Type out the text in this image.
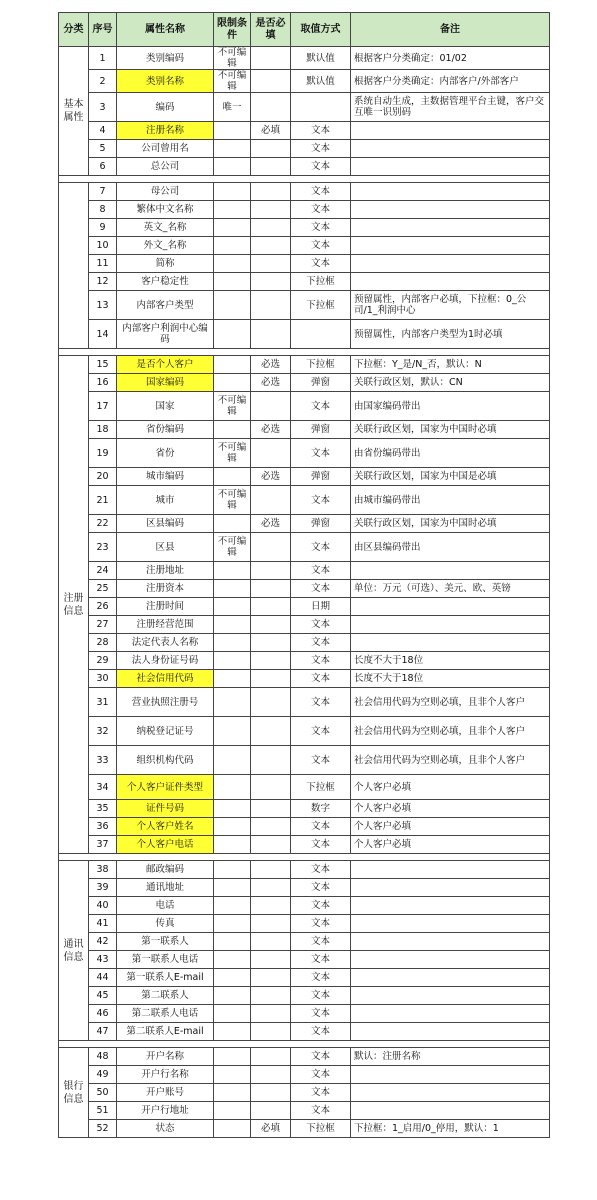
分类	序号	属性名称	限制条件	是否必填	取值方式	备注
基本属性	1	类别编码	不可编辑		默认值	根据客户分类确定：01/02
	2	类别名称	不可编辑		默认值	根据客户分类确定：内部客户/外部客户
	3	编码	唯一			系统自动生成，主数据管理平台主键，客户交互唯一识别码
	4	注册名称		必填	文本	
	5	公司曾用名			文本	
	6	总公司			文本	

	7	母公司			文本	
	8	繁体中文名称			文本	
	9	英文_名称			文本	
	10	外文_名称			文本	
	11	简称			文本	
	12	客户稳定性			下拉框	
	13	内部客户类型			下拉框	预留属性，内部客户必填，下拉框：0_公司/1_利润中心
	14	内部客户利润中心编码				预留属性，内部客户类型为1时必填

注册信息	15	是否个人客户		必选	下拉框	下拉框：Y_是/N_否，默认：N
	16	国家编码		必选	弹窗	关联行政区划，默认：CN
	17	国家	不可编辑		文本	由国家编码带出
	18	省份编码		必选	弹窗	关联行政区划，国家为中国时必填
	19	省份	不可编辑		文本	由省份编码带出
	20	城市编码		必选	弹窗	关联行政区划，国家为中国是必填
	21	城市	不可编辑		文本	由城市编码带出
	22	区县编码		必选	弹窗	关联行政区划，国家为中国时必填
	23	区县	不可编辑		文本	由区县编码带出
	24	注册地址			文本	
	25	注册资本			文本	单位：万元（可选）、美元、欧、英镑
	26	注册时间			日期	
	27	注册经营范围			文本	
	28	法定代表人名称			文本	
	29	法人身份证号码			文本	长度不大于18位
	30	社会信用代码			文本	长度不大于18位
	31	营业执照注册号			文本	社会信用代码为空则必填，且非个人客户
	32	纳税登记证号			文本	社会信用代码为空则必填，且非个人客户
	33	组织机构代码			文本	社会信用代码为空则必填，且非个人客户
	34	个人客户证件类型			下拉框	个人客户必填
	35	证件号码			数字	个人客户必填
	36	个人客户姓名			文本	个人客户必填
	37	个人客户电话			文本	个人客户必填

通讯信息	38	邮政编码			文本	
	39	通讯地址			文本	
	40	电话			文本	
	41	传真			文本	
	42	第一联系人			文本	
	43	第一联系人电话			文本	
	44	第一联系人E-mail			文本	
	45	第二联系人			文本	
	46	第二联系人电话			文本	
	47	第二联系人E-mail			文本	

银行信息	48	开户名称			文本	默认：注册名称
	49	开户行名称			文本	
	50	开户账号			文本	
	51	开户行地址			文本	
	52	状态		必填	下拉框	下拉框：1_启用/0_停用，默认：1
